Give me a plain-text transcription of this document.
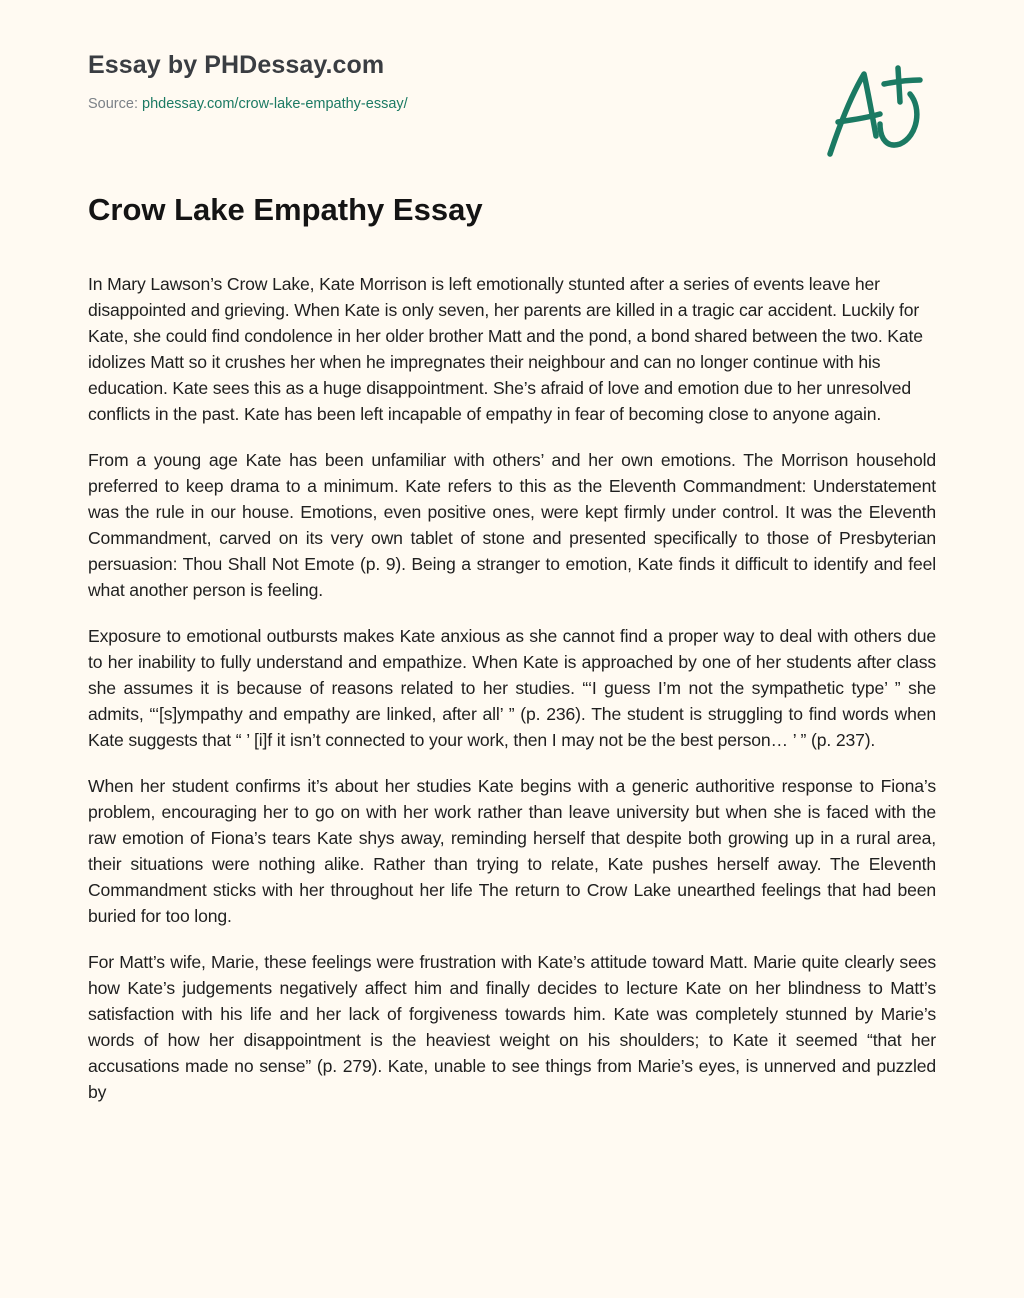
Essay by PHDessay.com
Source: phdessay.com/crow-lake-empathy-essay/
Crow Lake Empathy Essay

In Mary Lawson’s Crow Lake, Kate Morrison is left emotionally stunted after a series of events leave her disappointed and grieving. When Kate is only seven, her parents are killed in a tragic car accident. Luckily for Kate, she could find condolence in her older brother Matt and the pond, a bond shared between the two. Kate idolizes Matt so it crushes her when he impregnates their neighbour and can no longer continue with his education. Kate sees this as a huge disappointment. She’s afraid of love and emotion due to her unresolved conflicts in the past. Kate has been left incapable of empathy in fear of becoming close to anyone again.

From a young age Kate has been unfamiliar with others’ and her own emotions. The Morrison household preferred to keep drama to a minimum. Kate refers to this as the Eleventh Commandment: Understatement was the rule in our house. Emotions, even positive ones, were kept firmly under control. It was the Eleventh Commandment, carved on its very own tablet of stone and presented specifically to those of Presbyterian persuasion: Thou Shall Not Emote (p. 9). Being a stranger to emotion, Kate finds it difficult to identify and feel what another person is feeling.

Exposure to emotional outbursts makes Kate anxious as she cannot find a proper way to deal with others due to her inability to fully understand and empathize. When Kate is approached by one of her students after class she assumes it is because of reasons related to her studies. “‘I guess I’m not the sympathetic type’ ” she admits, “‘[s]ympathy and empathy are linked, after all’ ” (p. 236). The student is struggling to find words when Kate suggests that “ ’ [i]f it isn’t connected to your work, then I may not be the best person… ’ ” (p. 237).

When her student confirms it’s about her studies Kate begins with a generic authoritive response to Fiona’s problem, encouraging her to go on with her work rather than leave university but when she is faced with the raw emotion of Fiona’s tears Kate shys away, reminding herself that despite both growing up in a rural area, their situations were nothing alike. Rather than trying to relate, Kate pushes herself away. The Eleventh Commandment sticks with her throughout her life The return to Crow Lake unearthed feelings that had been buried for too long.

For Matt’s wife, Marie, these feelings were frustration with Kate’s attitude toward Matt. Marie quite clearly sees how Kate’s judgements negatively affect him and finally decides to lecture Kate on her blindness to Matt’s satisfaction with his life and her lack of forgiveness towards him. Kate was completely stunned by Marie’s words of how her disappointment is the heaviest weight on his shoulders; to Kate it seemed “that her accusations made no sense” (p. 279). Kate, unable to see things from Marie’s eyes, is unnerved and puzzled by
